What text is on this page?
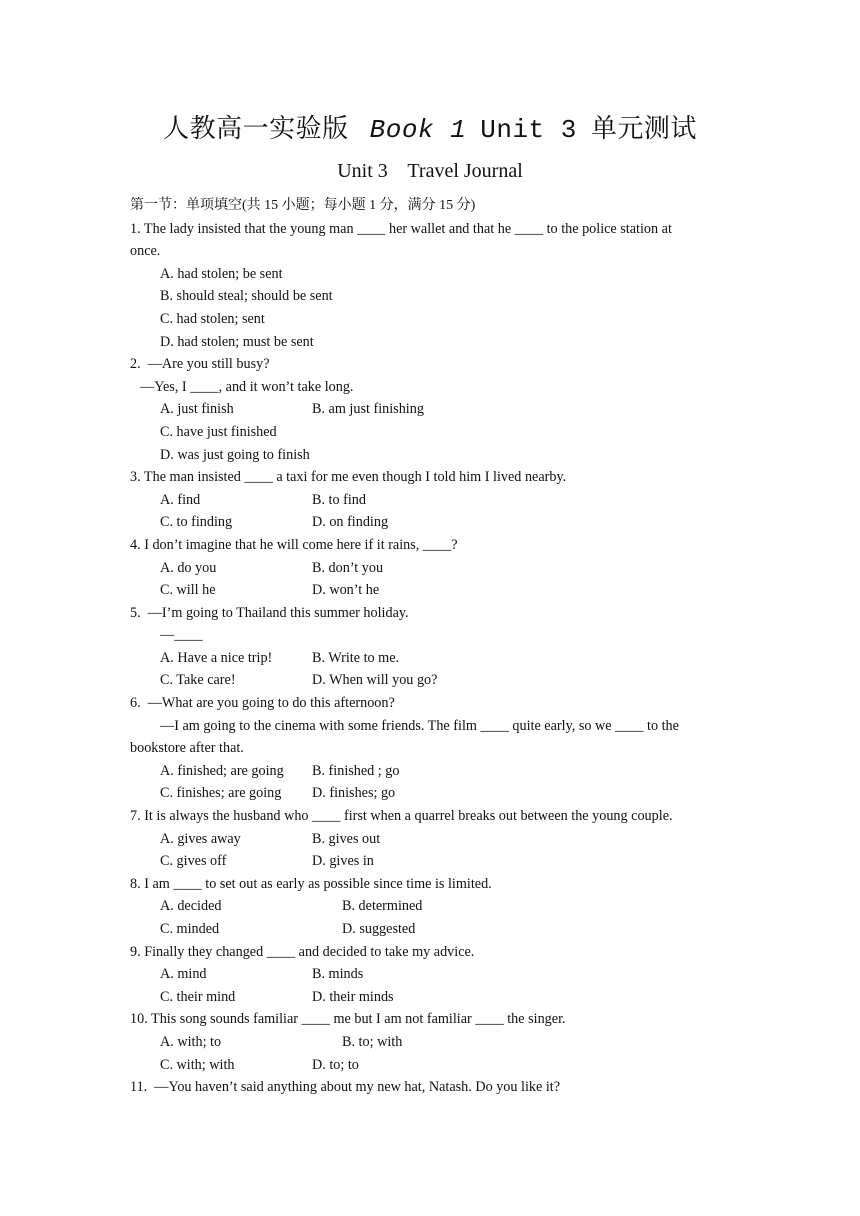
人教高一实验版 Book 1 Unit 3 单元测试
Unit 3    Travel Journal
第一节：单项填空(共 15 小题；每小题 1 分，满分 15 分)
1. The lady insisted that the young man ____ her wallet and that he ____ to the police station at
once.
A. had stolen; be sent
B. should steal; should be sent
C. had stolen; sent
D. had stolen; must be sent
2.  —Are you still busy?
—Yes, I ____, and it won’t take long.
A. just finish	B. am just finishing
C. have just finished
D. was just going to finish
3. The man insisted ____ a taxi for me even though I told him I lived nearby.
A. find	B. to find
C. to finding	D. on finding
4. I don’t imagine that he will come here if it rains, ____?
A. do you	B. don’t you
C. will he	D. won’t he
5.  —I’m going to Thailand this summer holiday.
—____
A. Have a nice trip!	B. Write to me.
C. Take care!	D. When will you go?
6.  —What are you going to do this afternoon?
—I am going to the cinema with some friends. The film ____ quite early, so we ____ to the
bookstore after that.
A. finished; are going	B. finished ; go
C. finishes; are going	D. finishes; go
7. It is always the husband who ____ first when a quarrel breaks out between the young couple.
A. gives away	B. gives out
C. gives off	D. gives in
8. I am ____ to set out as early as possible since time is limited.
A. decided	B. determined
C. minded	D. suggested
9. Finally they changed ____ and decided to take my advice.
A. mind	B. minds
C. their mind	D. their minds
10. This song sounds familiar ____ me but I am not familiar ____ the singer.
A. with; to	B. to; with
C. with; with	D. to; to
11.  —You haven’t said anything about my new hat, Natash. Do you like it?
